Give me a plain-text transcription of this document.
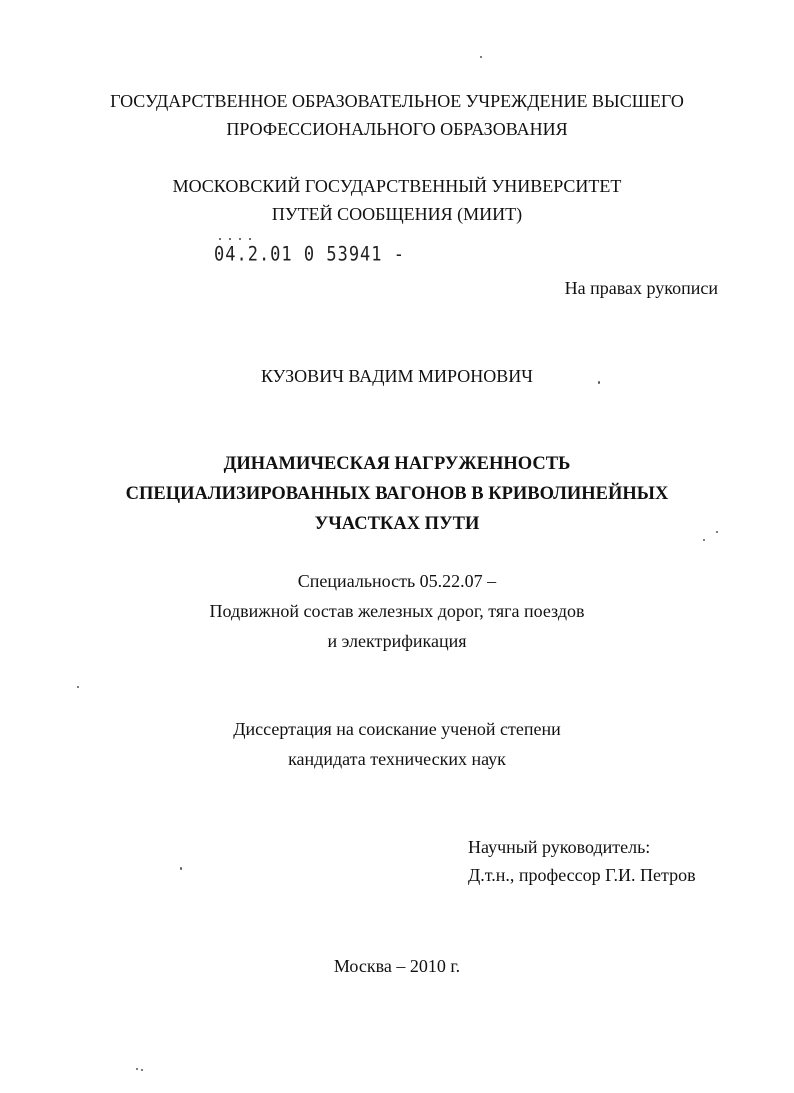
ГОСУДАРСТВЕННОЕ ОБРАЗОВАТЕЛЬНОЕ УЧРЕЖДЕНИЕ ВЫСШЕГО
ПРОФЕССИОНАЛЬНОГО ОБРАЗОВАНИЯ
МОСКОВСКИЙ ГОСУДАРСТВЕННЫЙ УНИВЕРСИТЕТ
ПУТЕЙ СООБЩЕНИЯ (МИИТ)
04.2.01 0 53941 -
На правах рукописи
КУЗОВИЧ ВАДИМ МИРОНОВИЧ
ДИНАМИЧЕСКАЯ НАГРУЖЕННОСТЬ
СПЕЦИАЛИЗИРОВАННЫХ ВАГОНОВ В КРИВОЛИНЕЙНЫХ
УЧАСТКАХ ПУТИ
Специальность 05.22.07 –
Подвижной состав железных дорог, тяга поездов
и электрификация
Диссертация на соискание ученой степени
кандидата технических наук
Научный руководитель:
Д.т.н., профессор Г.И. Петров
Москва – 2010 г.
